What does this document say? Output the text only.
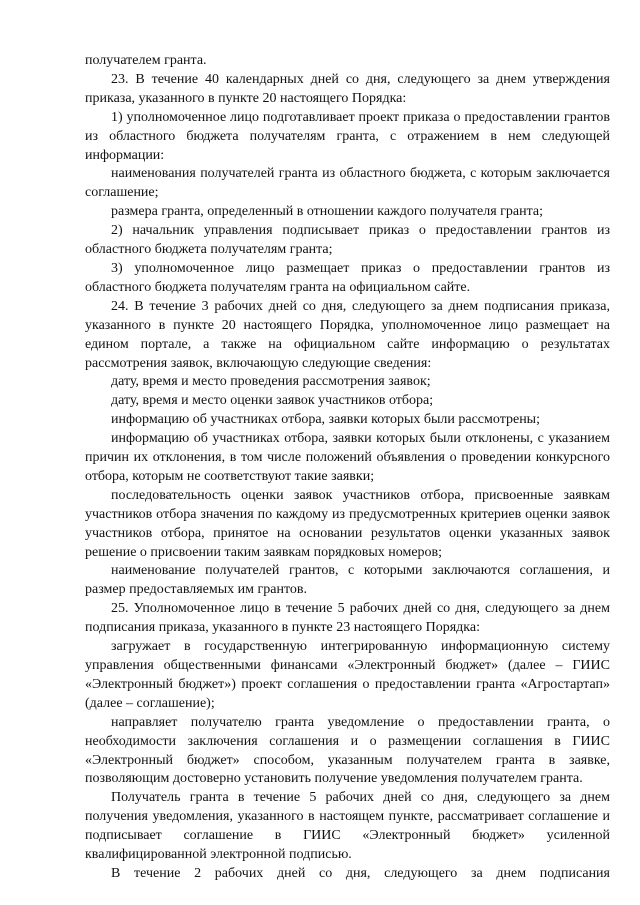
получателем гранта.

23. В течение 40 календарных дней со дня, следующего за днем утверждения приказа, указанного в пункте 20 настоящего Порядка:

1) уполномоченное лицо подготавливает проект приказа о предоставлении грантов из областного бюджета получателям гранта, с отражением в нем следующей информации:

наименования получателей гранта из областного бюджета, с которым заключается соглашение;

размера гранта, определенный в отношении каждого получателя гранта;

2) начальник управления подписывает приказ о предоставлении грантов из областного бюджета получателям гранта;

3) уполномоченное лицо размещает приказ о предоставлении грантов из областного бюджета получателям гранта на официальном сайте.

24. В течение 3 рабочих дней со дня, следующего за днем подписания приказа, указанного в пункте 20 настоящего Порядка, уполномоченное лицо размещает на едином портале, а также на официальном сайте информацию о результатах рассмотрения заявок, включающую следующие сведения:

дату, время и место проведения рассмотрения заявок;

дату, время и место оценки заявок участников отбора;

информацию об участниках отбора, заявки которых были рассмотрены;

информацию об участниках отбора, заявки которых были отклонены, с указанием причин их отклонения, в том числе положений объявления о проведении конкурсного отбора, которым не соответствуют такие заявки;

последовательность оценки заявок участников отбора, присвоенные заявкам участников отбора значения по каждому из предусмотренных критериев оценки заявок участников отбора, принятое на основании результатов оценки указанных заявок решение о присвоении таким заявкам порядковых номеров;

наименование получателей грантов, с которыми заключаются соглашения, и размер предоставляемых им грантов.

25. Уполномоченное лицо в течение 5 рабочих дней со дня, следующего за днем подписания приказа, указанного в пункте 23 настоящего Порядка:

загружает в государственную интегрированную информационную систему управления общественными финансами «Электронный бюджет» (далее – ГИИС «Электронный бюджет») проект соглашения о предоставлении гранта «Агростартап» (далее – соглашение);

направляет получателю гранта уведомление о предоставлении гранта, о необходимости заключения соглашения и о размещении соглашения в ГИИС «Электронный бюджет» способом, указанным получателем гранта в заявке, позволяющим достоверно установить получение уведомления получателем гранта.

Получатель гранта в течение 5 рабочих дней со дня, следующего за днем получения уведомления, указанного в настоящем пункте, рассматривает соглашение и подписывает соглашение в ГИИС «Электронный бюджет» усиленной квалифицированной электронной подписью.

В течение 2 рабочих дней со дня, следующего за днем подписания
